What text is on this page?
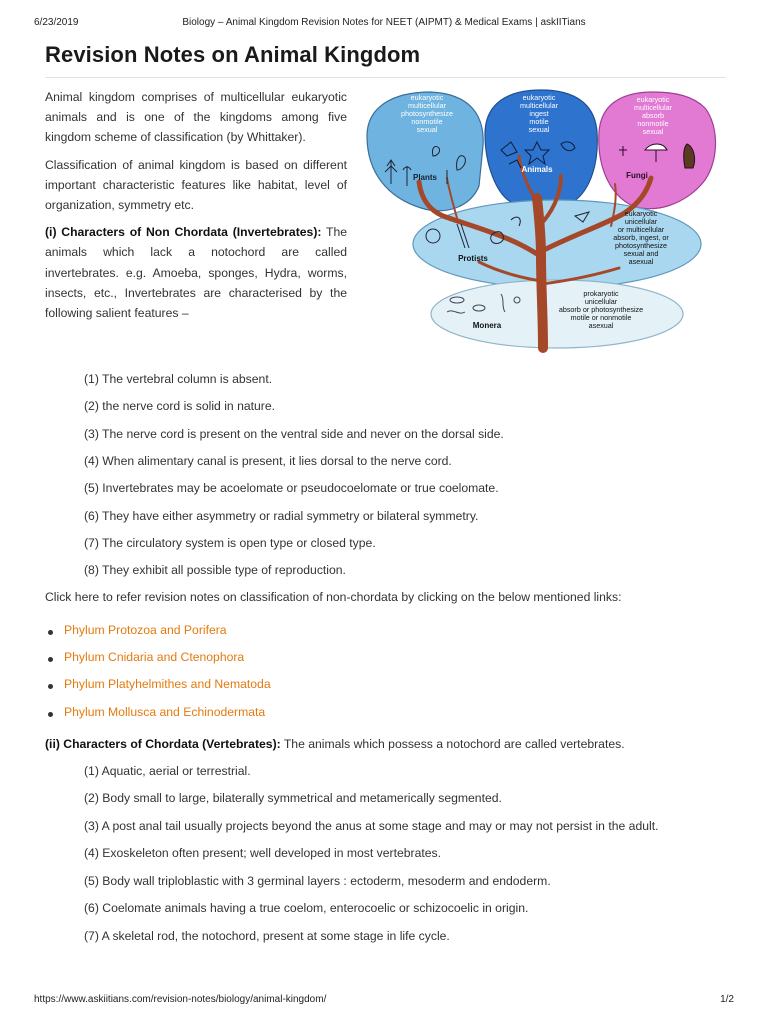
6/23/2019	Biology – Animal Kingdom Revision Notes for NEET (AIPMT) & Medical Exams | askIITians
Revision Notes on Animal Kingdom

Animal kingdom comprises of multicellular eukaryotic animals and is one of the kingdoms among five kingdom scheme of classification (by Whittaker).

Classification of animal kingdom is based on different important characteristic features like habitat, level of organization, symmetry etc.

(i) Characters of Non Chordata (Invertebrates): The animals which lack a notochord are called invertebrates. e.g. Amoeba, sponges, Hydra, worms, insects, etc., Invertebrates are characterised by the following salient features –

eukaryotic
multicellular
photosynthesize
nonmotile
sexual
Plants
eukaryotic
multicellular
ingest
motile
sexual
Animals
eukaryotic
multicellular
absorb
nonmotile
sexual
Fungi
eukaryotic
unicellular
or multicellular
absorb, ingest, or
photosynthesize
sexual and
asexual
Protists
prokaryotic
unicellular
absorb or photosynthesize
motile or nonmotile
asexual
Monera
(1) The vertebral column is absent.
(2) the nerve cord is solid in nature.
(3) The nerve cord is present on the ventral side and never on the dorsal side.
(4) When alimentary canal is present, it lies dorsal to the nerve cord.
(5) Invertebrates may be acoelomate or pseudocoelomate or true coelomate.
(6) They have either asymmetry or radial symmetry or bilateral symmetry.
(7) The circulatory system is open type or closed type.
(8) They exhibit all possible type of reproduction.
Click here to refer revision notes on classification of non-chordata by clicking on the below mentioned links:
Phylum Protozoa and Porifera
Phylum Cnidaria and Ctenophora
Phylum Platyhelmithes and Nematoda
Phylum Mollusca and Echinodermata
(ii) Characters of Chordata (Vertebrates): The animals which possess a notochord are called vertebrates.
(1) Aquatic, aerial or terrestrial.
(2) Body small to large, bilaterally symmetrical and metamerically segmented.
(3) A post anal tail usually projects beyond the anus at some stage and may or may not persist in the adult.
(4) Exoskeleton often present; well developed in most vertebrates.
(5) Body wall triploblastic with 3 germinal layers : ectoderm, mesoderm and endoderm.
(6) Coelomate animals having a true coelom, enterocoelic or schizocoelic in origin.
(7) A skeletal rod, the notochord, present at some stage in life cycle.
https://www.askiitians.com/revision-notes/biology/animal-kingdom/	1/2
